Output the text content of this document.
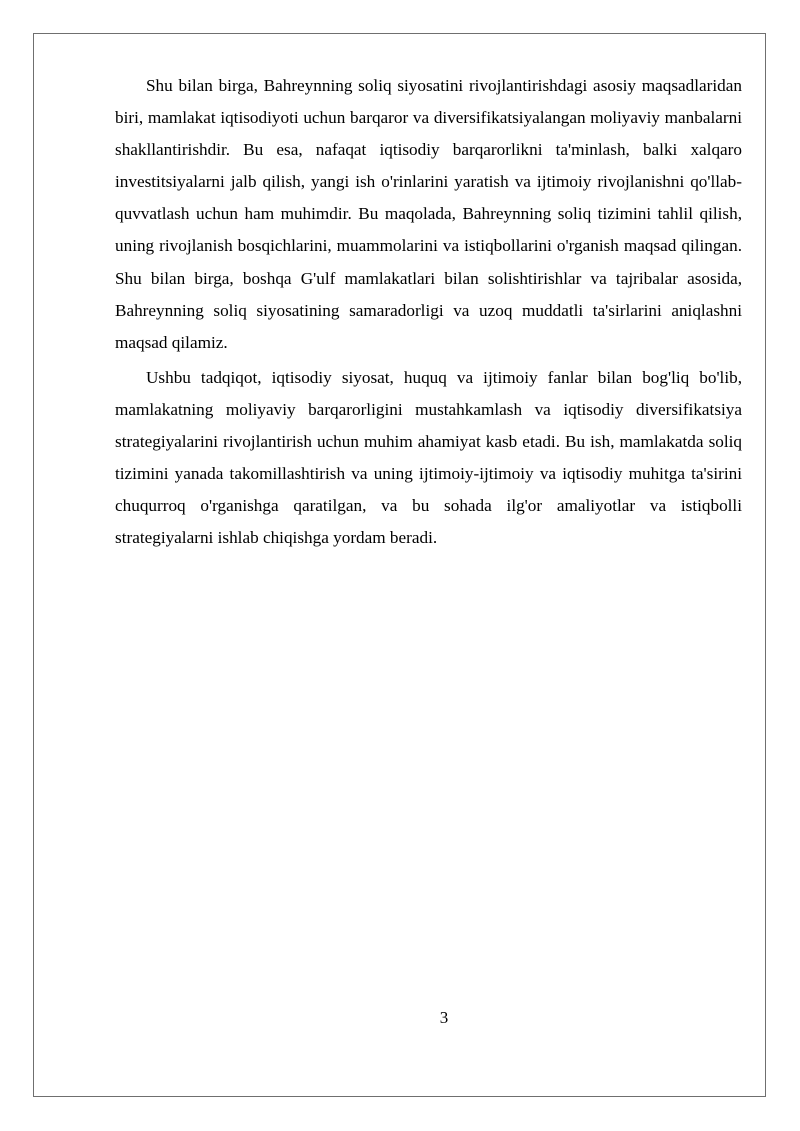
Shu bilan birga, Bahreynning soliq siyosatini rivojlantirishdagi asosiy maqsadlaridan biri, mamlakat iqtisodiyoti uchun barqaror va diversifikatsiyalangan moliyaviy manbalarni shakllantirishdir. Bu esa, nafaqat iqtisodiy barqarorlikni ta'minlash, balki xalqaro investitsiyalarni jalb qilish, yangi ish o'rinlarini yaratish va ijtimoiy rivojlanishni qo'llab-quvvatlash uchun ham muhimdir. Bu maqolada, Bahreynning soliq tizimini tahlil qilish, uning rivojlanish bosqichlarini, muammolarini va istiqbollarini o'rganish maqsad qilingan. Shu bilan birga, boshqa G'ulf mamlakatlari bilan solishtirishlar va tajribalar asosida, Bahreynning soliq siyosatining samaradorligi va uzoq muddatli ta'sirlarini aniqlashni maqsad qilamiz.

Ushbu tadqiqot, iqtisodiy siyosat, huquq va ijtimoiy fanlar bilan bog'liq bo'lib, mamlakatning moliyaviy barqarorligini mustahkamlash va iqtisodiy diversifikatsiya strategiyalarini rivojlantirish uchun muhim ahamiyat kasb etadi. Bu ish, mamlakatda soliq tizimini yanada takomillashtirish va uning ijtimoiy-ijtimoiy va iqtisodiy muhitga ta'sirini chuqurroq o'rganishga qaratilgan, va bu sohada ilg'or amaliyotlar va istiqbolli strategiyalarni ishlab chiqishga yordam beradi.

3
